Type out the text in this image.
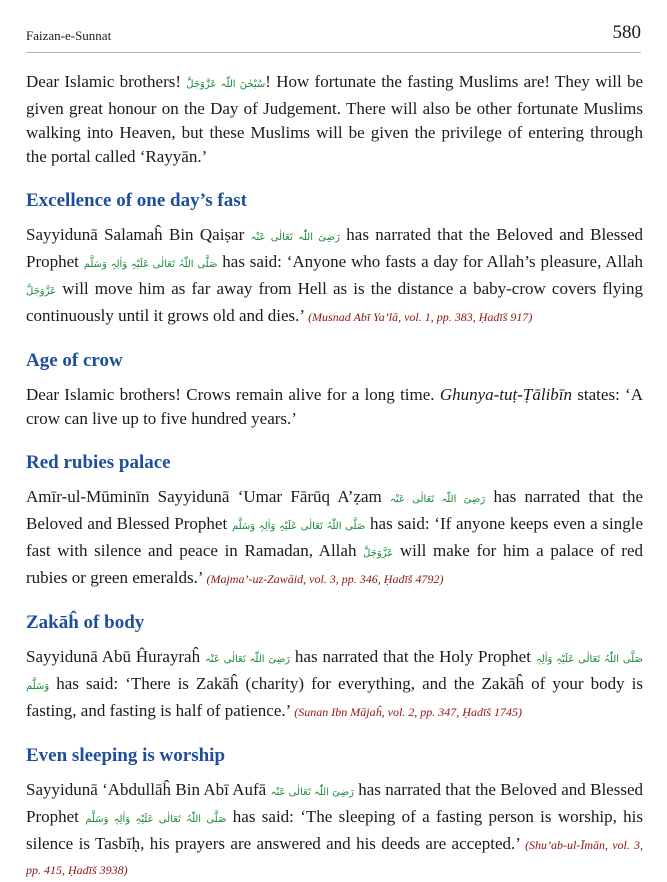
Faizan-e-Sunnat	580

Dear Islamic brothers! سُبْحٰنَ اللّٰہ عَزَّوَجَلَّ! How fortunate the fasting Muslims are! They will be given great honour on the Day of Judgement. There will also be other fortunate Muslims walking into Heaven, but these Muslims will be given the privilege of entering through the portal called ‘Rayyān.’

Excellence of one day’s fast

Sayyidunā Salamaĥ Bin Qaiṣar رَضِیَ اللّٰہ تَعَالٰی عَنْہ has narrated that the Beloved and Blessed Prophet صَلَّی اللّٰہُ تَعَالٰی عَلَیْہِ وَاٰلِہٖ وَسَلَّم has said: ‘Anyone who fasts a day for Allah’s pleasure, Allah عَزَّوَجَلَّ will move him as far away from Hell as is the distance a baby-crow covers flying continuously until it grows old and dies.’ (Musnad Abī Ya’lā, vol. 1, pp. 383, Ḥadīš 917)

Age of crow

Dear Islamic brothers! Crows remain alive for a long time. Ghunya-tuṭ-Ṭālibīn states: ‘A crow can live up to five hundred years.’

Red rubies palace

Amīr-ul-Mūminīn Sayyidunā ‘Umar Fārūq A’ẓam رَضِیَ اللّٰہ تَعَالٰی عَنْہ has narrated that the Beloved and Blessed Prophet صَلَّی اللّٰہُ تَعَالٰی عَلَیْہِ وَاٰلِہٖ وَسَلَّم has said: ‘If anyone keeps even a single fast with silence and peace in Ramadan, Allah عَزَّوَجَلَّ will make for him a palace of red rubies or green emeralds.’ (Majma’-uz-Zawāid, vol. 3, pp. 346, Ḥadīš 4792)

Zakāĥ of body

Sayyidunā Abū Ĥurayraĥ رَضِیَ اللّٰہ تَعَالٰی عَنْہ has narrated that the Holy Prophet صَلَّی اللّٰہُ تَعَالٰی عَلَیْہِ وَاٰلِہٖ وَسَلَّم has said: ‘There is Zakāĥ (charity) for everything, and the Zakāĥ of your body is fasting, and fasting is half of patience.’ (Sunan Ibn Mājaĥ, vol. 2, pp. 347, Ḥadīš 1745)

Even sleeping is worship

Sayyidunā ‘Abdullāĥ Bin Abī Aufā رَضِیَ اللّٰہ تَعَالٰی عَنْہ has narrated that the Beloved and Blessed Prophet صَلَّی اللّٰہُ تَعَالٰی عَلَیْہِ وَاٰلِہٖ وَسَلَّم has said: ‘The sleeping of a fasting person is worship, his silence is Tasbīḥ, his prayers are answered and his deeds are accepted.’ (Shu’ab-ul-Īmān, vol. 3, pp. 415, Ḥadīš 3938)
